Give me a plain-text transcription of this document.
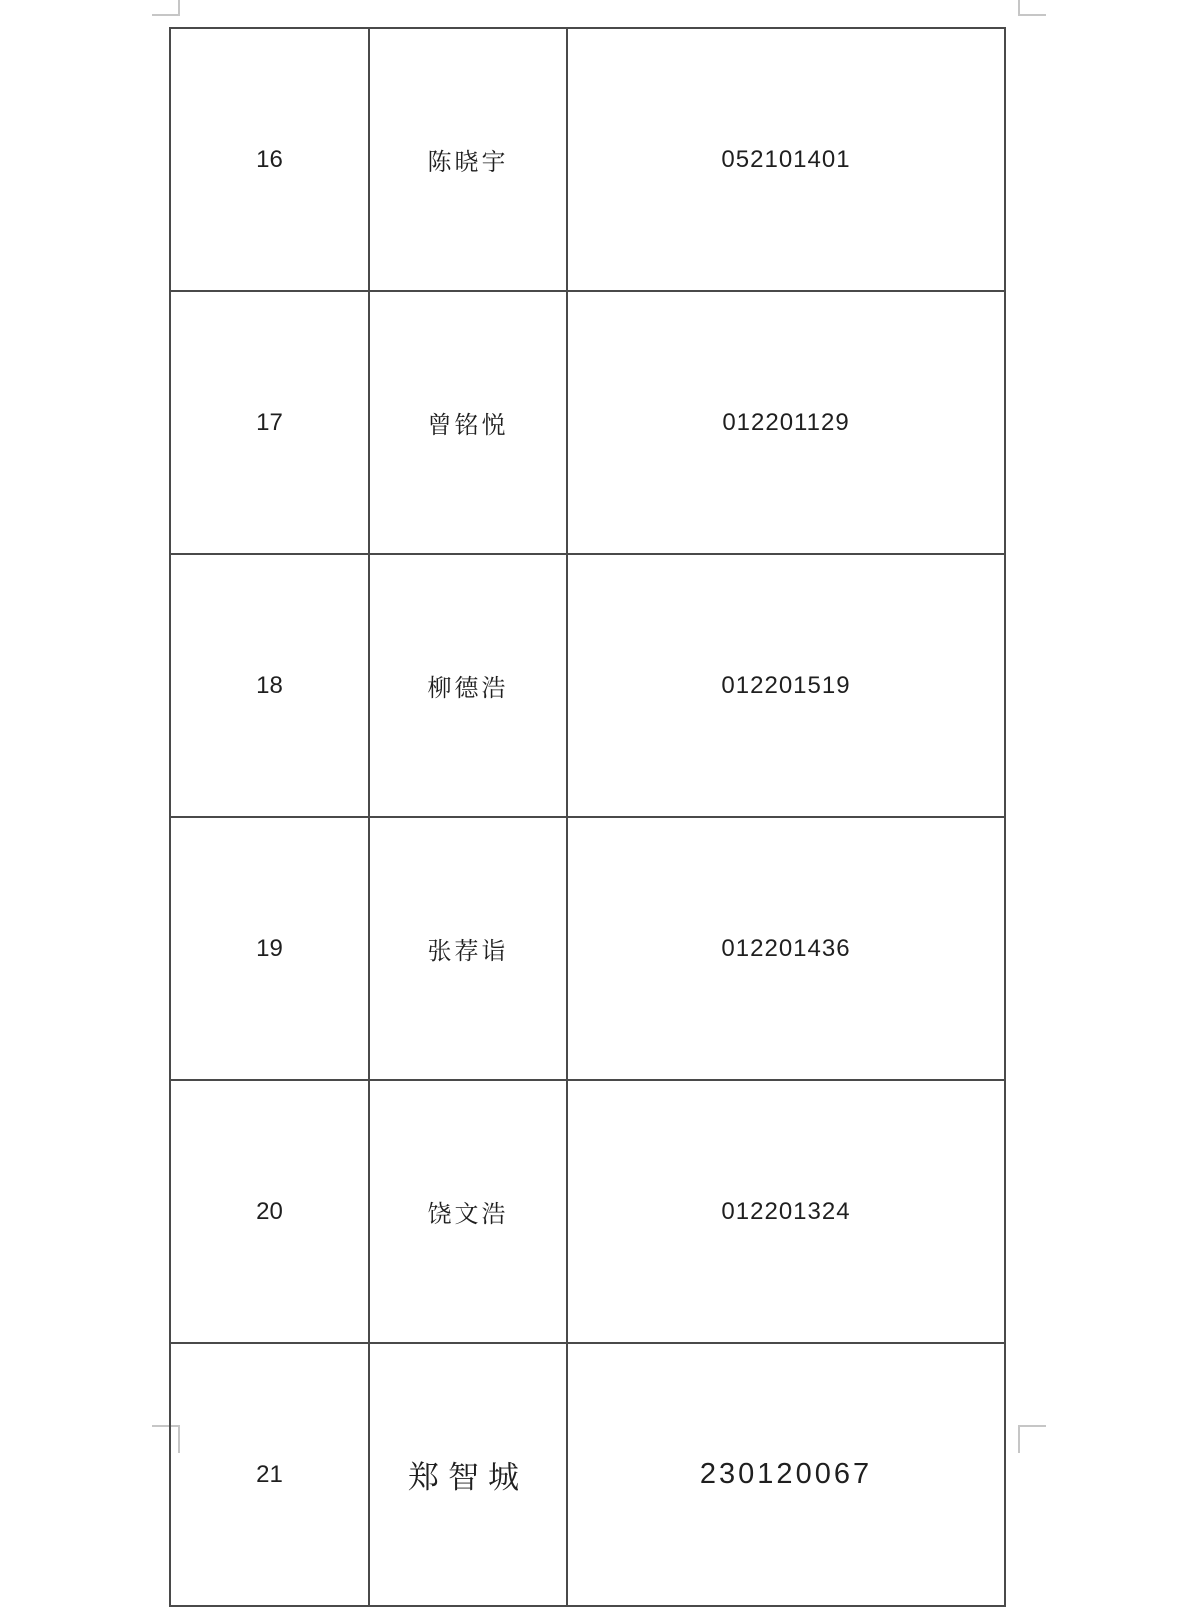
16	陈晓宇	052101401
17	曾铭悦	012201129
18	柳德浩	012201519
19	张荐诣	012201436
20	饶文浩	012201324
21	郑智城	230120067
